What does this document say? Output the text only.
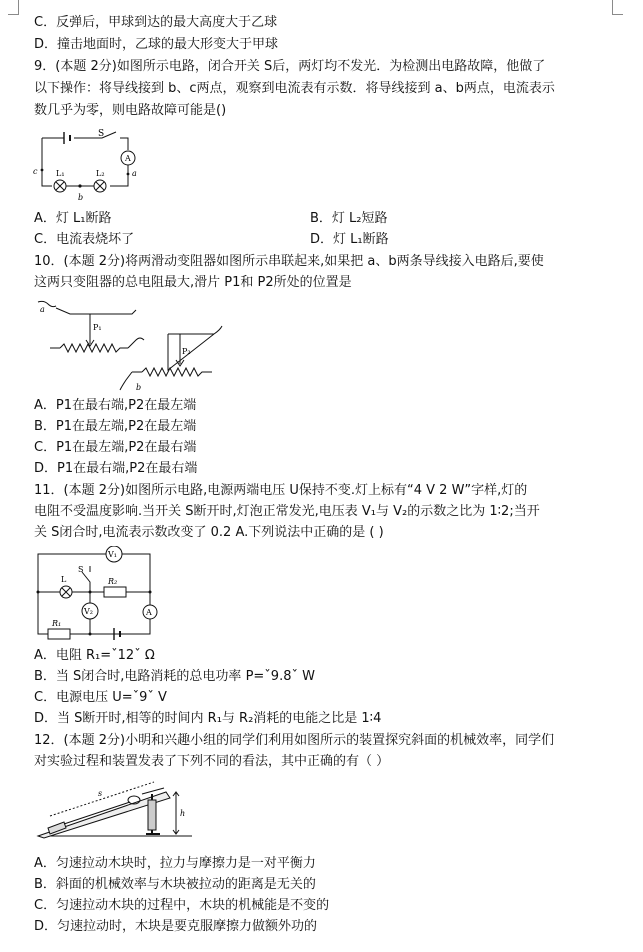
C．反弹后，甲球到达的最大高度大于乙球
D．撞击地面时，乙球的最大形变大于甲球
9．(本题 2分)如图所示电路，闭合开关 S后，两灯均不发光．为检测出电路故障，他做了
以下操作：将导线接到 b、c两点，观察到电流表有示数．将导线接到 a、b两点，电流表示
数几乎为零，则电路故障可能是()
S
A
L₁	L₂	a
b
c
A．灯 L₁断路	B．灯 L₂短路
C．电流表烧坏了	D．灯 L₁断路
10．(本题 2分)将两滑动变阻器如图所示串联起来,如果把 a、b两条导线接入电路后,要使
这两只变阻器的总电阻最大,滑片 P1和 P2所处的位置是
P₁
P₂
a
b
A．P1在最右端,P2在最左端
B．P1在最左端,P2在最左端
C．P1在最左端,P2在最右端
D．P1在最右端,P2在最右端
11．(本题 2分)如图所示电路,电源两端电压 U保持不变.灯上标有“4 V 2 W”字样,灯的
电阻不受温度影响.当开关 S断开时,灯泡正常发光,电压表 V₁与 V₂的示数之比为 1∶2;当开
关 S闭合时,电流表示数改变了 0.2 A.下列说法中正确的是 ( )
V₁
V₂	A
S
L	R₂
R₁
A．电阻 R₁=ˇ12ˇ Ω
B．当 S闭合时,电路消耗的总电功率 P=ˇ9.8ˇ W
C．电源电压 U=ˇ9ˇ V
D．当 S断开时,相等的时间内 R₁与 R₂消耗的电能之比是 1∶4
12．(本题 2分)小明和兴趣小组的同学们利用如图所示的装置探究斜面的机械效率，同学们
对实验过程和装置发表了下列不同的看法，其中正确的有（ ）
s
h
A．匀速拉动木块时，拉力与摩擦力是一对平衡力
B．斜面的机械效率与木块被拉动的距离是无关的
C．匀速拉动木块的过程中，木块的机械能是不变的
D．匀速拉动时，木块是要克服摩擦力做额外功的
